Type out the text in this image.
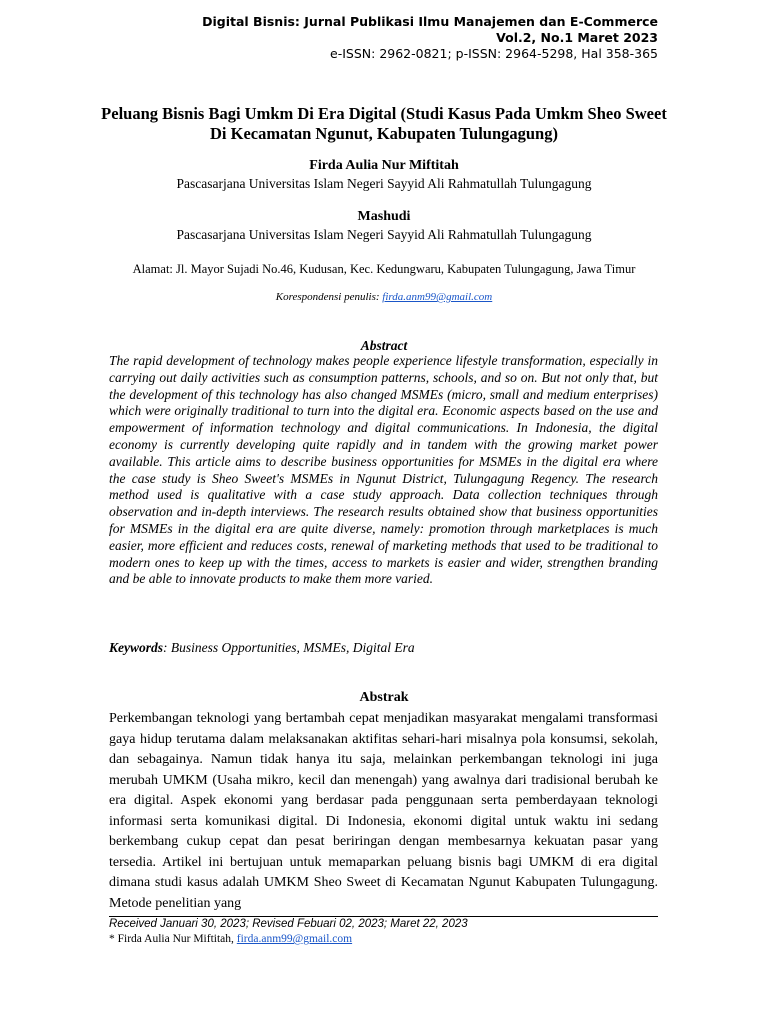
Digital Bisnis: Jurnal Publikasi Ilmu Manajemen dan E-Commerce
Vol.2, No.1 Maret 2023
e-ISSN: 2962-0821; p-ISSN: 2964-5298, Hal 358-365
Peluang Bisnis Bagi Umkm Di Era Digital (Studi Kasus Pada Umkm Sheo Sweet Di Kecamatan Ngunut, Kabupaten Tulungagung)
Firda Aulia Nur Miftitah
Pascasarjana Universitas Islam Negeri Sayyid Ali Rahmatullah Tulungagung
Mashudi
Pascasarjana Universitas Islam Negeri Sayyid Ali Rahmatullah Tulungagung
Alamat: Jl. Mayor Sujadi No.46, Kudusan, Kec. Kedungwaru, Kabupaten Tulungagung, Jawa Timur
Korespondensi penulis: firda.anm99@gmail.com
Abstract
The rapid development of technology makes people experience lifestyle transformation, especially in carrying out daily activities such as consumption patterns, schools, and so on. But not only that, but the development of this technology has also changed MSMEs (micro, small and medium enterprises) which were originally traditional to turn into the digital era. Economic aspects based on the use and empowerment of information technology and digital communications. In Indonesia, the digital economy is currently developing quite rapidly and in tandem with the growing market power available. This article aims to describe business opportunities for MSMEs in the digital era where the case study is Sheo Sweet's MSMEs in Ngunut District, Tulungagung Regency. The research method used is qualitative with a case study approach. Data collection techniques through observation and in-depth interviews. The research results obtained show that business opportunities for MSMEs in the digital era are quite diverse, namely: promotion through marketplaces is much easier, more efficient and reduces costs, renewal of marketing methods that used to be traditional to modern ones to keep up with the times, access to markets is easier and wider, strengthen branding and be able to innovate products to make them more varied.
Keywords: Business Opportunities, MSMEs, Digital Era
Abstrak
Perkembangan teknologi yang bertambah cepat menjadikan masyarakat mengalami transformasi gaya hidup terutama dalam melaksanakan aktifitas sehari-hari misalnya pola konsumsi, sekolah, dan sebagainya. Namun tidak hanya itu saja, melainkan perkembangan teknologi ini juga merubah UMKM (Usaha mikro, kecil dan menengah) yang awalnya dari tradisional berubah ke era digital. Aspek ekonomi yang berdasar pada penggunaan serta pemberdayaan teknologi informasi serta komunikasi digital. Di Indonesia, ekonomi digital untuk waktu ini sedang berkembang cukup cepat dan pesat beriringan dengan membesarnya kekuatan pasar yang tersedia. Artikel ini bertujuan untuk memaparkan peluang bisnis bagi UMKM di era digital dimana studi kasus adalah UMKM Sheo Sweet di Kecamatan Ngunut Kabupaten Tulungagung. Metode penelitian yang
Received Januari 30, 2023; Revised Febuari 02, 2023; Maret 22, 2023
* Firda Aulia Nur Miftitah, firda.anm99@gmail.com
